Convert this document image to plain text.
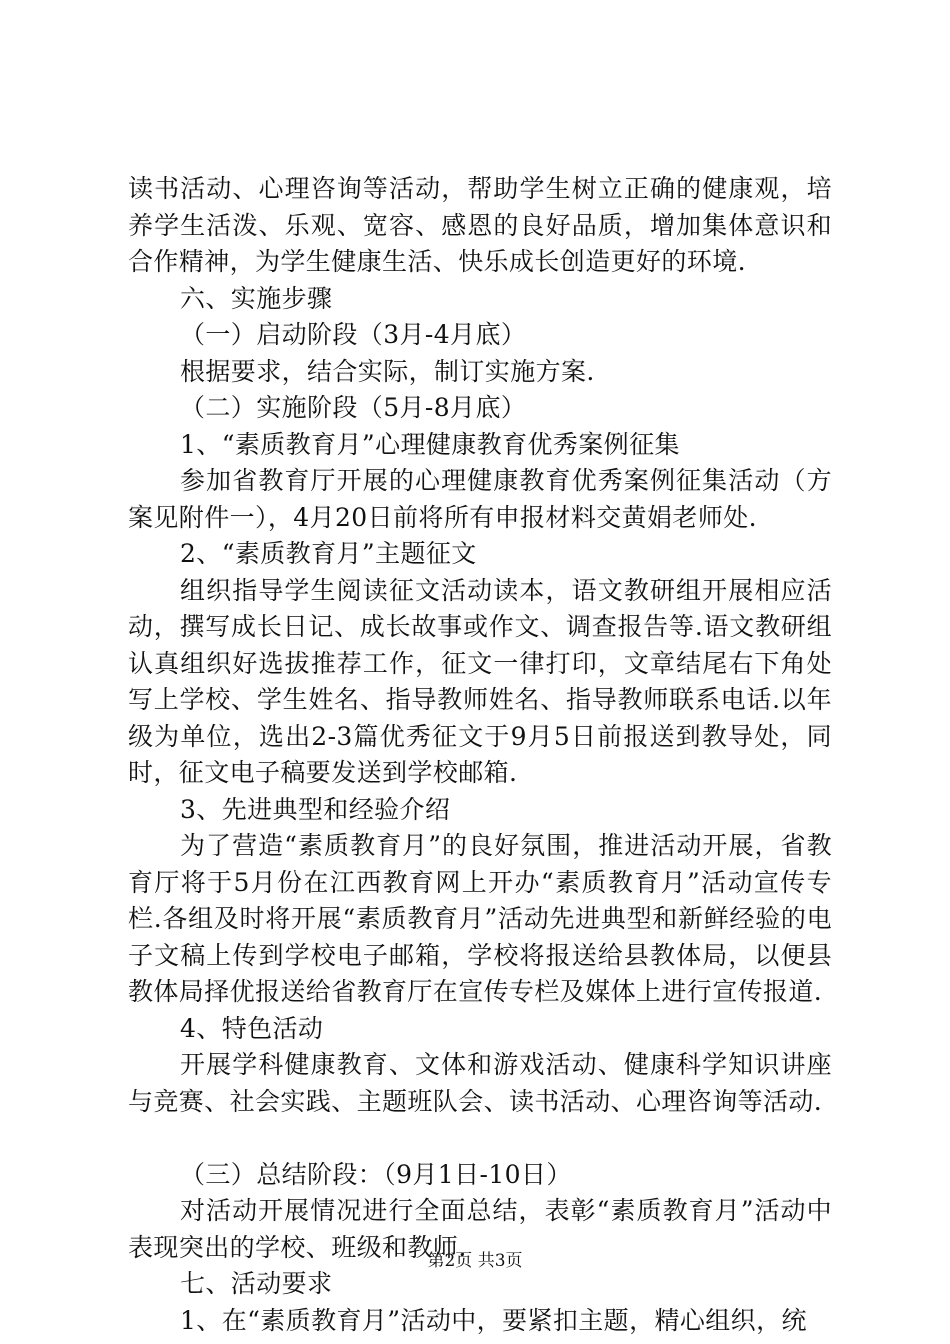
读书活动、心理咨询等活动，帮助学生树立正确的健康观，培养学生活泼、乐观、宽容、感恩的良好品质，增加集体意识和合作精神，为学生健康生活、快乐成长创造更好的环境.

六、实施步骤

（一）启动阶段（3月-4月底）

根据要求，结合实际，制订实施方案.

（二）实施阶段（5月-8月底）

1、“素质教育月”心理健康教育优秀案例征集

参加省教育厅开展的心理健康教育优秀案例征集活动（方案见附件一），4月20日前将所有申报材料交黄娟老师处.

2、“素质教育月”主题征文

组织指导学生阅读征文活动读本，语文教研组开展相应活动，撰写成长日记、成长故事或作文、调查报告等.语文教研组认真组织好选拔推荐工作，征文一律打印，文章结尾右下角处写上学校、学生姓名、指导教师姓名、指导教师联系电话.以年级为单位，选出2-3篇优秀征文于9月5日前报送到教导处，同时，征文电子稿要发送到学校邮箱.

3、先进典型和经验介绍

为了营造“素质教育月”的良好氛围，推进活动开展，省教育厅将于5月份在江西教育网上开办“素质教育月”活动宣传专栏.各组及时将开展“素质教育月”活动先进典型和新鲜经验的电子文稿上传到学校电子邮箱，学校将报送给县教体局，以便县教体局择优报送给省教育厅在宣传专栏及媒体上进行宣传报道.

4、特色活动

开展学科健康教育、文体和游戏活动、健康科学知识讲座与竞赛、社会实践、主题班队会、读书活动、心理咨询等活动.

（三）总结阶段：（9月1日-10日）

对活动开展情况进行全面总结，表彰“素质教育月”活动中表现突出的学校、班级和教师.

七、活动要求

1、在“素质教育月”活动中，要紧扣主题，精心组织，统

第2页 共3页
